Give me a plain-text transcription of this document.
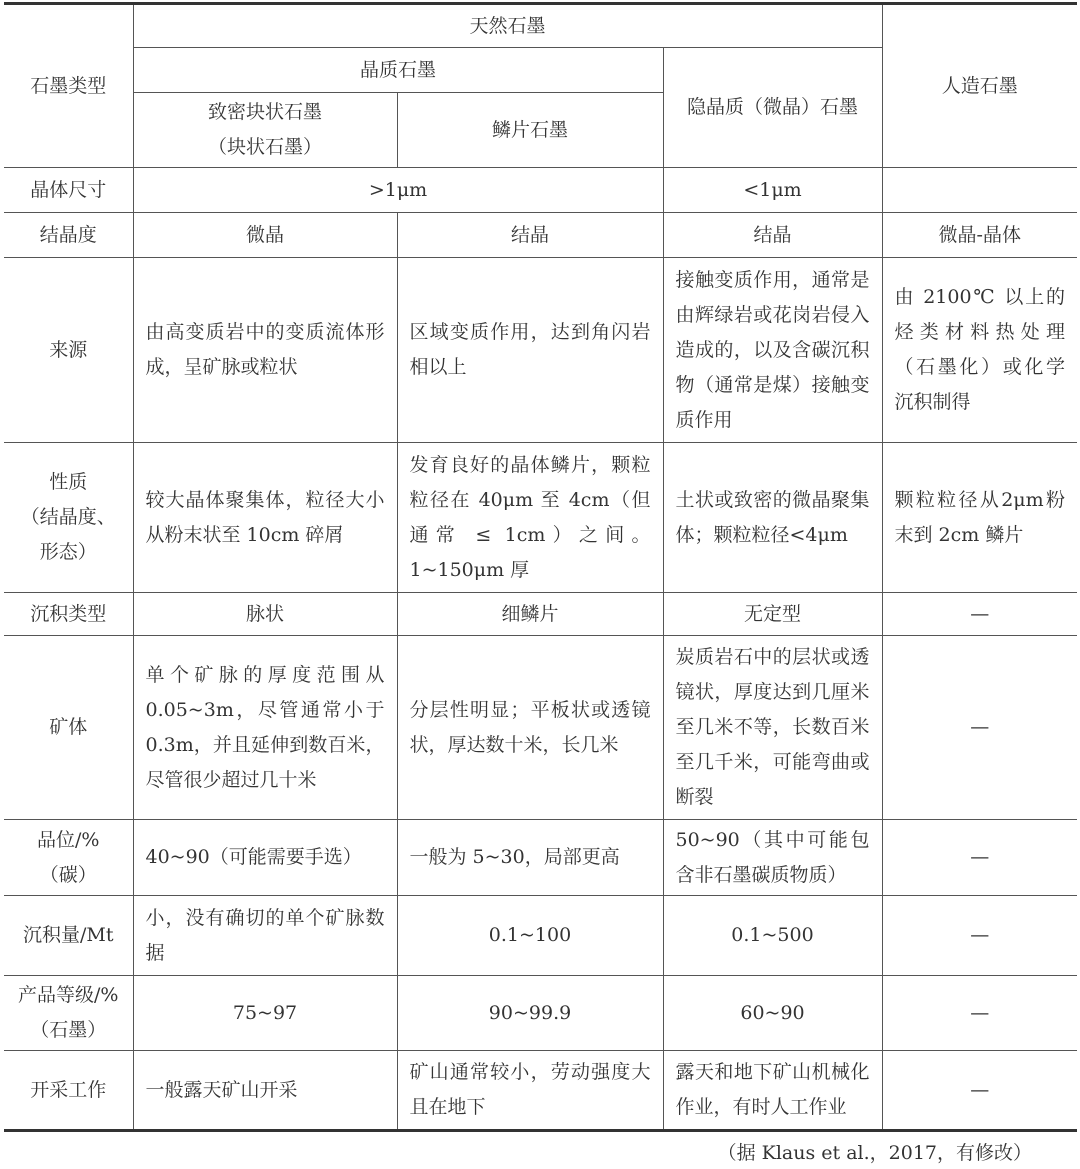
石墨类型	天然石墨			人造石墨
	晶质石墨		隐晶质（微晶）石墨	

	致密块状石墨
（块状石墨）	鳞片石墨		
晶体尺寸	>1μm		<1μm	
结晶度	微晶	结晶	结晶	微晶-晶体
来源	由高变质岩中的变质流体形成，呈矿脉或粒状	区域变质作用，达到角闪岩相以上	接触变质作用，通常是由辉绿岩或花岗岩侵入造成的，以及含碳沉积物（通常是煤）接触变质作用	由 2100℃ 以上的烃类材料热处理（石墨化）或化学沉积制得

性质
（结晶度、
形态）	较大晶体聚集体，粒径大小从粉末状至 10cm 碎屑	发育良好的晶体鳞片，颗粒粒径在 40μm 至 4cm（但通常 ≤ 1cm）之间。1~150μm 厚	土状或致密的微晶聚集体；颗粒粒径<4μm	颗粒粒径从2μm粉末到 2cm 鳞片
沉积类型	脉状	细鳞片	无定型	—
矿体	单个矿脉的厚度范围从 0.05~3m，尽管通常小于 0.3m，并且延伸到数百米，尽管很少超过几十米	分层性明显；平板状或透镜状，厚达数十米，长几米	炭质岩石中的层状或透镜状，厚度达到几厘米至几米不等，长数百米至几千米，可能弯曲或断裂	—
品位/%（碳）	40~90（可能需要手选）	一般为 5~30，局部更高	50~90（其中可能包含非石墨碳质物质）	—
沉积量/Mt	小，没有确切的单个矿脉数据	0.1~100	0.1~500	—

产品等级/%
（石墨）	75~97	90~99.9	60~90	—
开采工作	一般露天矿山开采	矿山通常较小，劳动强度大且在地下	露天和地下矿山机械化作业，有时人工作业	—
（据 Klaus et al.，2017，有修改）
